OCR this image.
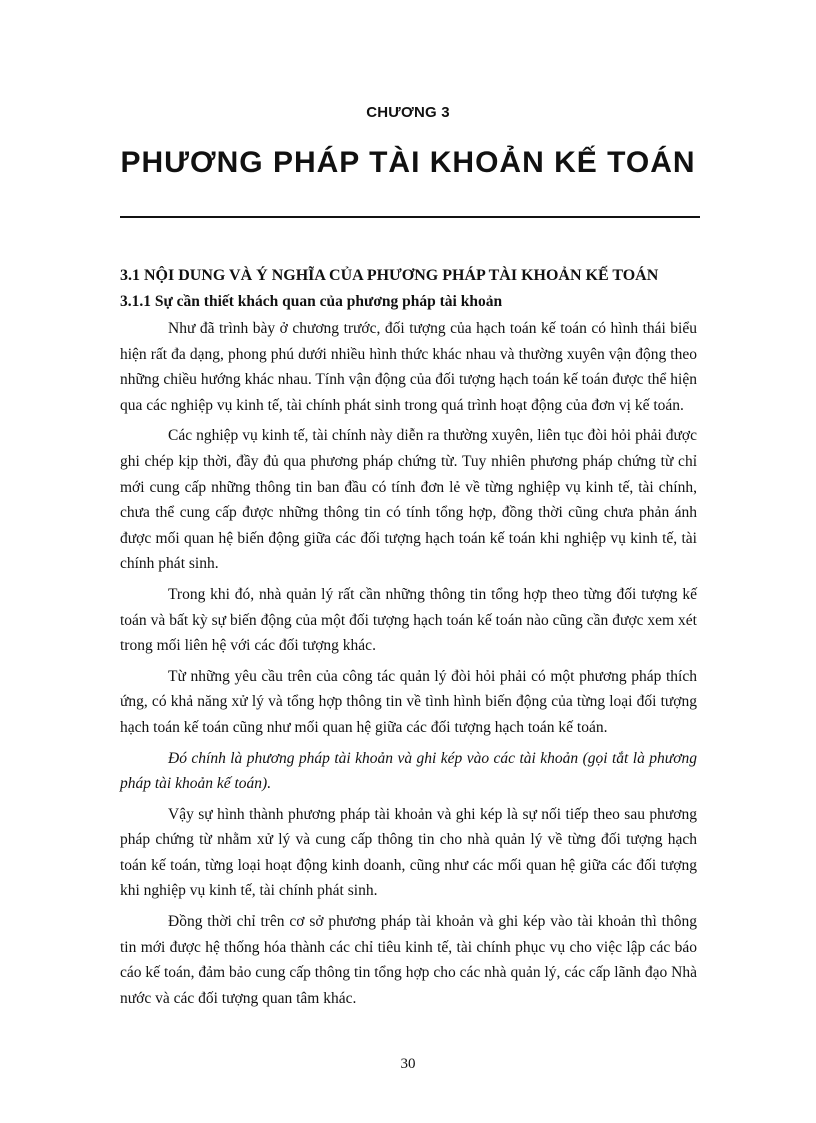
CHƯƠNG 3
PHƯƠNG PHÁP TÀI KHOẢN KẾ TOÁN

3.1 NỘI DUNG VÀ Ý NGHĨA CỦA PHƯƠNG PHÁP TÀI KHOẢN KẾ TOÁN

3.1.1 Sự cần thiết khách quan của phương pháp tài khoản

Như đã trình bày ở chương trước, đối tượng của hạch toán kế toán có hình thái biểu hiện rất đa dạng, phong phú dưới nhiều hình thức khác nhau và thường xuyên vận động theo những chiều hướng khác nhau. Tính vận động của đối tượng hạch toán kế toán được thể hiện qua các nghiệp vụ kinh tế, tài chính phát sinh trong quá trình hoạt động của đơn vị kế toán.

Các nghiệp vụ kinh tế, tài chính này diễn ra thường xuyên, liên tục đòi hỏi phải được ghi chép kịp thời, đầy đủ qua phương pháp chứng từ. Tuy nhiên phương pháp chứng từ chỉ mới cung cấp những thông tin ban đầu có tính đơn lẻ về từng nghiệp vụ kinh tế, tài chính, chưa thể cung cấp được những thông tin có tính tổng hợp, đồng thời cũng chưa phản ánh được mối quan hệ biến động giữa các đối tượng hạch toán kế toán khi nghiệp vụ kinh tế, tài chính phát sinh.

Trong khi đó, nhà quản lý rất cần những thông tin tổng hợp theo từng đối tượng kế toán và bất kỳ sự biến động của một đối tượng hạch toán kế toán nào cũng cần được xem xét trong mối liên hệ với các đối tượng khác.

Từ những yêu cầu trên của công tác quản lý đòi hỏi phải có một phương pháp thích ứng, có khả năng xử lý và tổng hợp thông tin về tình hình biến động của từng loại đối tượng hạch toán kế toán cũng như mối quan hệ giữa các đối tượng hạch toán kế toán.

Đó chính là phương pháp tài khoản và ghi kép vào các tài khoản (gọi tắt là phương pháp tài khoản kế toán).

Vậy sự hình thành phương pháp tài khoản và ghi kép là sự nối tiếp theo sau phương pháp chứng từ nhằm xử lý và cung cấp thông tin cho nhà quản lý về từng đối tượng hạch toán kế toán, từng loại hoạt động kinh doanh, cũng như các mối quan hệ giữa các đối tượng khi nghiệp vụ kinh tế, tài chính phát sinh.

Đồng thời chỉ trên cơ sở phương pháp tài khoản và ghi kép vào tài khoản thì thông tin mới được hệ thống hóa thành các chỉ tiêu kinh tế, tài chính phục vụ cho việc lập các báo cáo kế toán, đảm bảo cung cấp thông tin tổng hợp cho các nhà quản lý, các cấp lãnh đạo Nhà nước và các đối tượng quan tâm khác.

30
